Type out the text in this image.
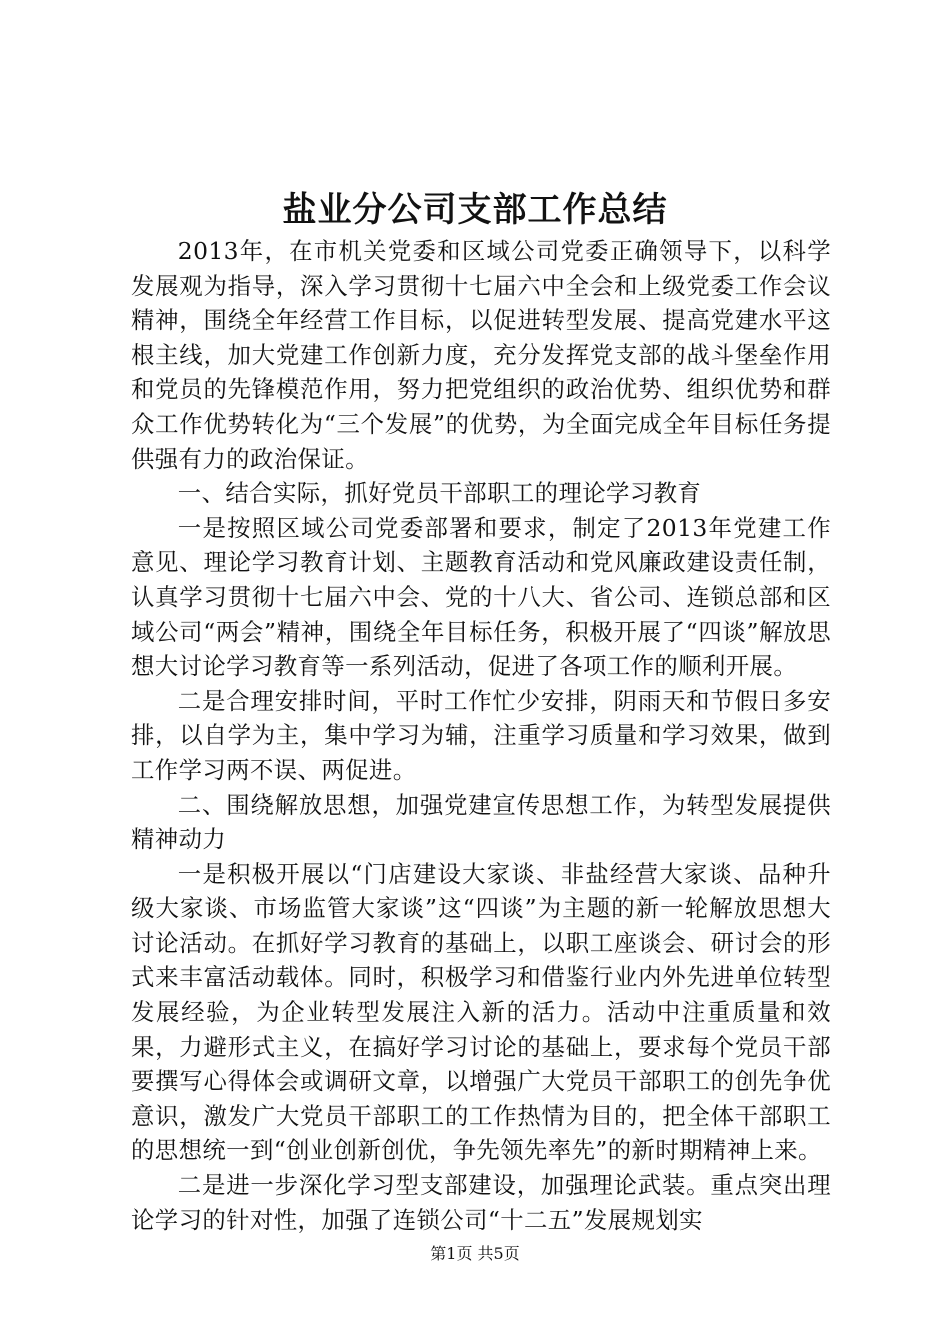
盐业分公司支部工作总结

2013年，在市机关党委和区域公司党委正确领导下，以科学发展观为指导，深入学习贯彻十七届六中全会和上级党委工作会议精神，围绕全年经营工作目标，以促进转型发展、提高党建水平这根主线，加大党建工作创新力度，充分发挥党支部的战斗堡垒作用和党员的先锋模范作用，努力把党组织的政治优势、组织优势和群众工作优势转化为“三个发展”的优势，为全面完成全年目标任务提供强有力的政治保证。

一、结合实际，抓好党员干部职工的理论学习教育

一是按照区域公司党委部署和要求，制定了2013年党建工作意见、理论学习教育计划、主题教育活动和党风廉政建设责任制，认真学习贯彻十七届六中会、党的十八大、省公司、连锁总部和区域公司“两会”精神，围绕全年目标任务，积极开展了“四谈”解放思想大讨论学习教育等一系列活动，促进了各项工作的顺利开展。

二是合理安排时间，平时工作忙少安排，阴雨天和节假日多安排，以自学为主，集中学习为辅，注重学习质量和学习效果，做到工作学习两不误、两促进。

二、围绕解放思想，加强党建宣传思想工作，为转型发展提供精神动力

一是积极开展以“门店建设大家谈、非盐经营大家谈、品种升级大家谈、市场监管大家谈”这“四谈”为主题的新一轮解放思想大讨论活动。在抓好学习教育的基础上，以职工座谈会、研讨会的形式来丰富活动载体。同时，积极学习和借鉴行业内外先进单位转型发展经验，为企业转型发展注入新的活力。活动中注重质量和效果，力避形式主义，在搞好学习讨论的基础上，要求每个党员干部要撰写心得体会或调研文章，以增强广大党员干部职工的创先争优意识，激发广大党员干部职工的工作热情为目的，把全体干部职工的思想统一到“创业创新创优，争先领先率先”的新时期精神上来。

二是进一步深化学习型支部建设，加强理论武装。重点突出理论学习的针对性，加强了连锁公司“十二五”发展规划实

第1页 共5页
